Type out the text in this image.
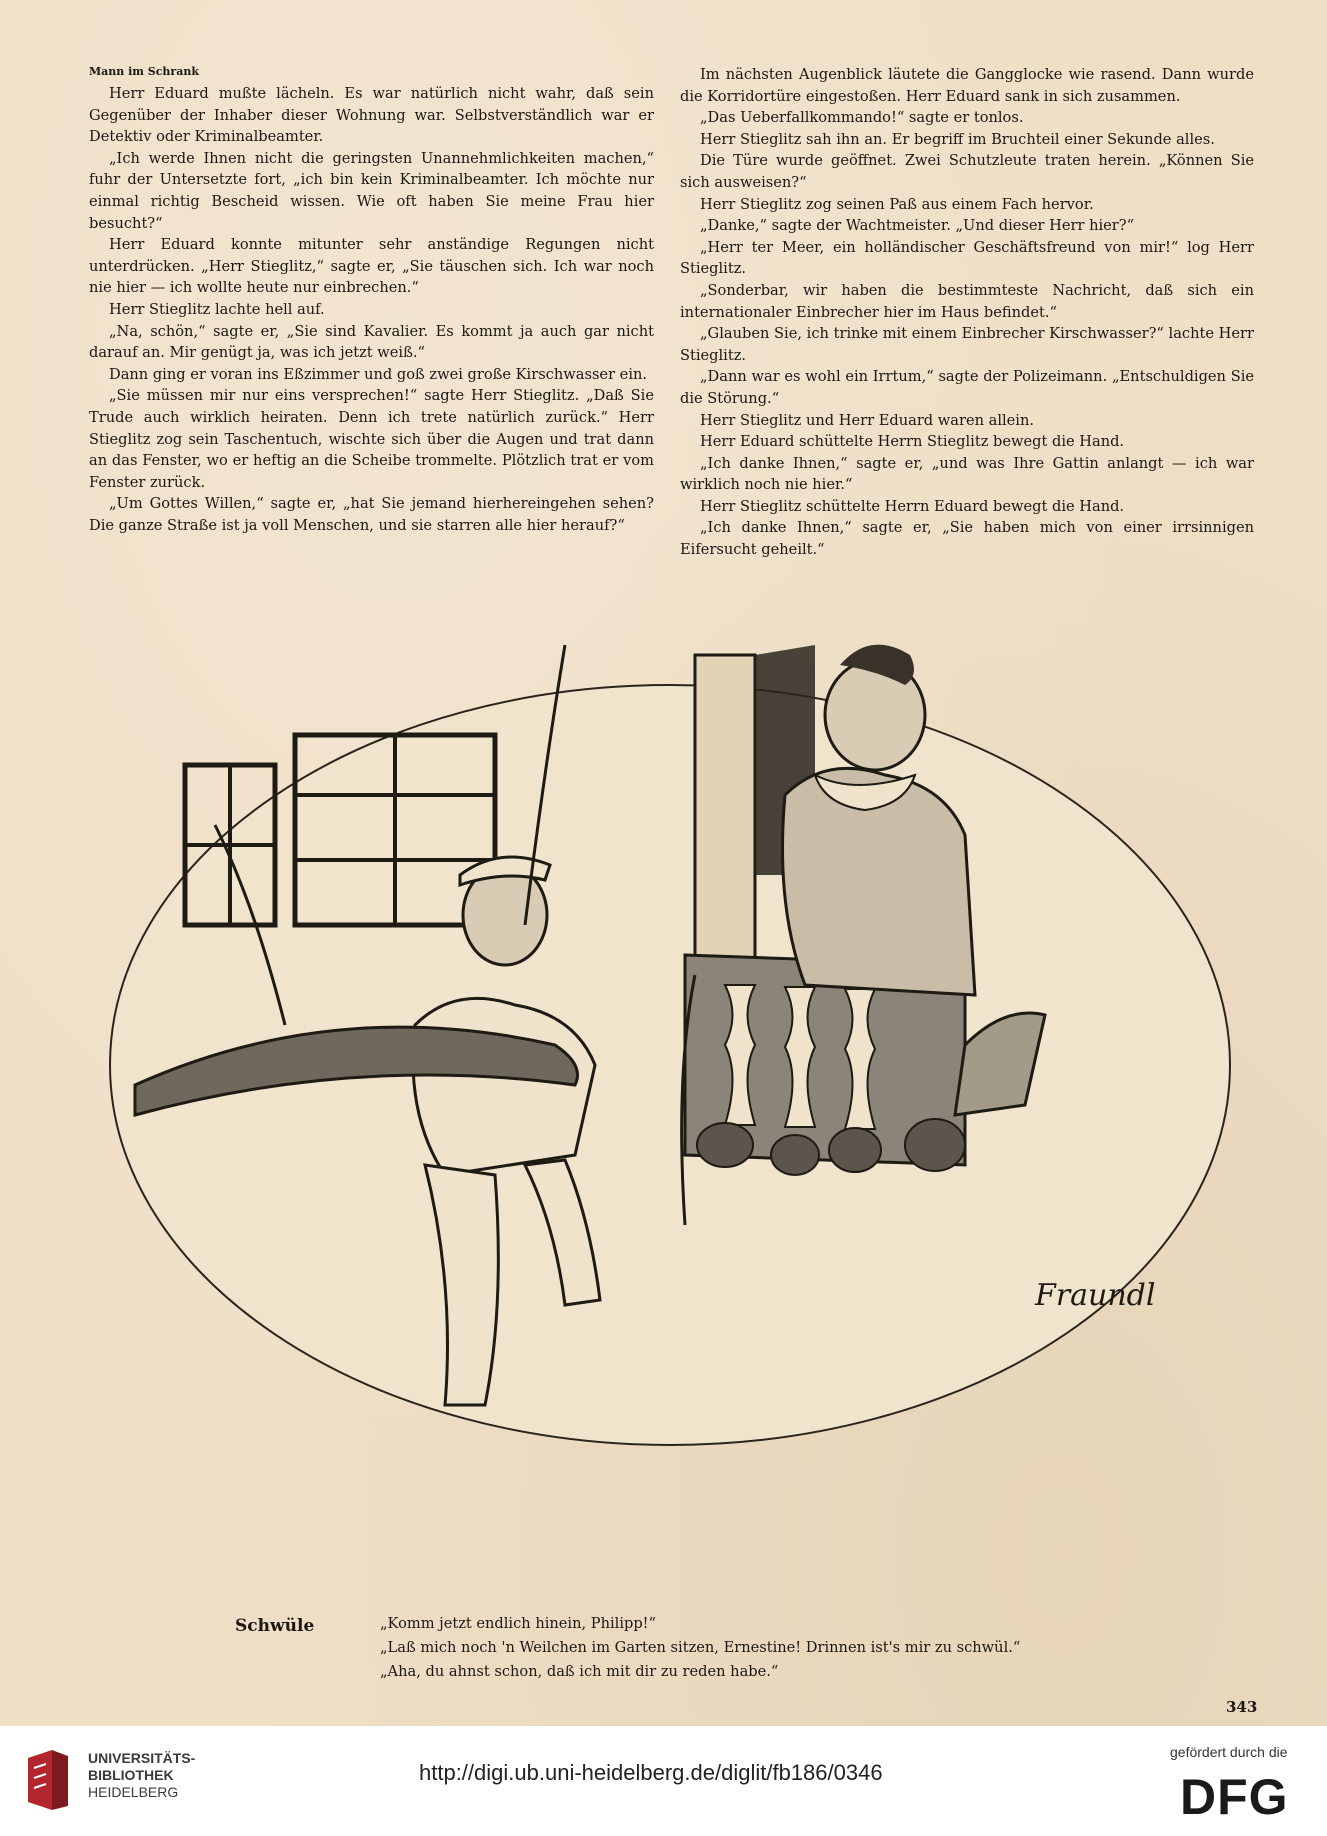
Mann im Schrank

Herr Eduard mußte lächeln. Es war natürlich nicht wahr, daß sein Gegenüber der Inhaber dieser Wohnung war. Selbstverständlich war er Detektiv oder Kriminalbeamter.

„Ich werde Ihnen nicht die geringsten Unannehmlichkeiten machen,“ fuhr der Untersetzte fort, „ich bin kein Kriminalbeamter. Ich möchte nur einmal richtig Bescheid wissen. Wie oft haben Sie meine Frau hier besucht?“

Herr Eduard konnte mitunter sehr anständige Regungen nicht unterdrücken. „Herr Stieglitz,“ sagte er, „Sie täuschen sich. Ich war noch nie hier — ich wollte heute nur einbrechen.“

Herr Stieglitz lachte hell auf.

„Na, schön,“ sagte er, „Sie sind Kavalier. Es kommt ja auch gar nicht darauf an. Mir genügt ja, was ich jetzt weiß.“

Dann ging er voran ins Eßzimmer und goß zwei große Kirschwasser ein.

„Sie müssen mir nur eins versprechen!“ sagte Herr Stieglitz. „Daß Sie Trude auch wirklich heiraten. Denn ich trete natürlich zurück.“ Herr Stieglitz zog sein Taschentuch, wischte sich über die Augen und trat dann an das Fenster, wo er heftig an die Scheibe trommelte. Plötzlich trat er vom Fenster zurück.

„Um Gottes Willen,“ sagte er, „hat Sie jemand hierhereingehen sehen? Die ganze Straße ist ja voll Menschen, und sie starren alle hier herauf?“

Im nächsten Augenblick läutete die Gangglocke wie rasend. Dann wurde die Korridortüre eingestoßen. Herr Eduard sank in sich zusammen.

„Das Ueberfallkommando!“ sagte er tonlos.

Herr Stieglitz sah ihn an. Er begriff im Bruchteil einer Sekunde alles.

Die Türe wurde geöffnet. Zwei Schutzleute traten herein. „Können Sie sich ausweisen?“

Herr Stieglitz zog seinen Paß aus einem Fach hervor.

„Danke,“ sagte der Wachtmeister. „Und dieser Herr hier?“

„Herr ter Meer, ein holländischer Geschäftsfreund von mir!“ log Herr Stieglitz.

„Sonderbar, wir haben die bestimmteste Nachricht, daß sich ein internationaler Einbrecher hier im Haus befindet.“

„Glauben Sie, ich trinke mit einem Einbrecher Kirschwasser?“ lachte Herr Stieglitz.

„Dann war es wohl ein Irrtum,“ sagte der Polizeimann. „Entschuldigen Sie die Störung.“

Herr Stieglitz und Herr Eduard waren allein.

Herr Eduard schüttelte Herrn Stieglitz bewegt die Hand.

„Ich danke Ihnen,“ sagte er, „und was Ihre Gattin anlangt — ich war wirklich noch nie hier.“

Herr Stieglitz schüttelte Herrn Eduard bewegt die Hand.

„Ich danke Ihnen,“ sagte er, „Sie haben mich von einer irrsinnigen Eifersucht geheilt.“

Fraundl
Schwüle	„Komm jetzt endlich hinein, Philipp!“
„Laß mich noch 'n Weilchen im Garten sitzen, Ernestine! Drinnen ist's mir zu schwül.“
„Aha, du ahnst schon, daß ich mit dir zu reden habe.“
343
UNIVERSITÄTS-
BIBLIOTHEK
HEIDELBERG
http://digi.ub.uni-heidelberg.de/diglit/fb186/0346
gefördert durch die
DFG
